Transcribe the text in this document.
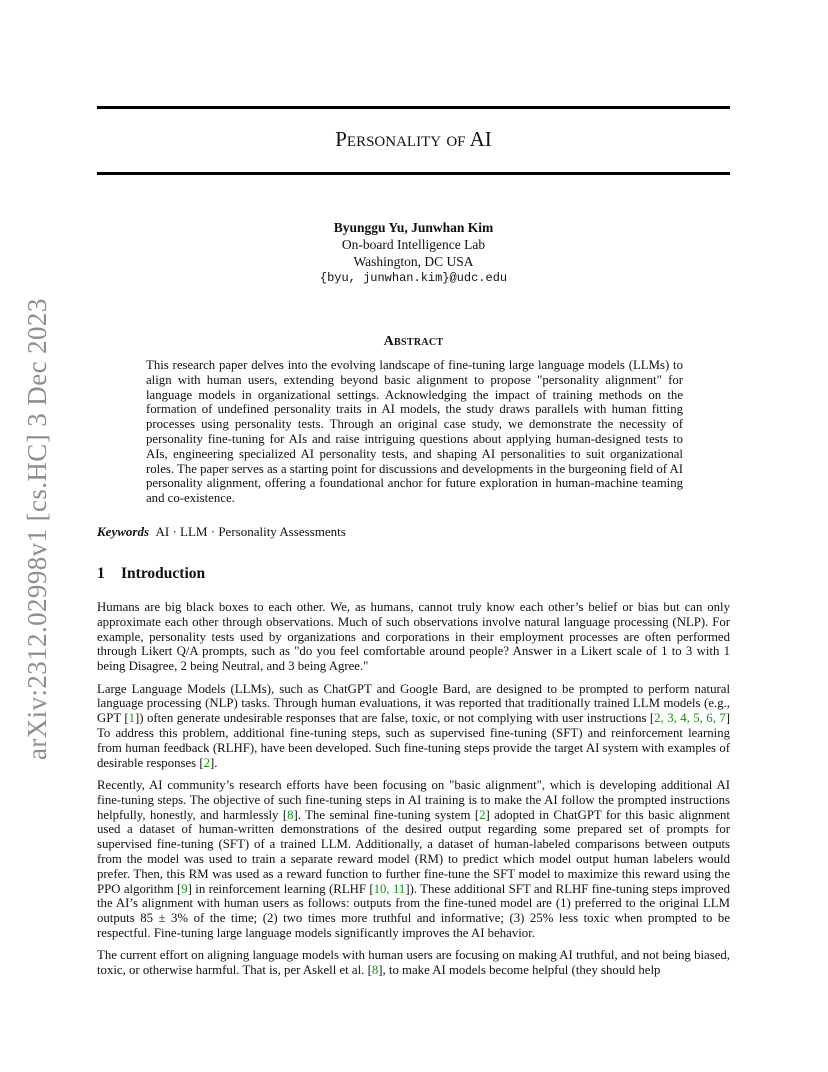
arXiv:2312.02998v1 [cs.HC] 3 Dec 2023
Personality of AI
Byunggu Yu, Junwhan Kim
On-board Intelligence Lab
Washington, DC USA
{byu, junwhan.kim}@udc.edu
Abstract

This research paper delves into the evolving landscape of fine-tuning large language models (LLMs) to align with human users, extending beyond basic alignment to propose "personality alignment" for language models in organizational settings. Acknowledging the impact of training methods on the formation of undefined personality traits in AI models, the study draws parallels with human fitting processes using personality tests. Through an original case study, we demonstrate the necessity of personality fine-tuning for AIs and raise intriguing questions about applying human-designed tests to AIs, engineering specialized AI personality tests, and shaping AI personalities to suit organizational roles. The paper serves as a starting point for discussions and developments in the burgeoning field of AI personality alignment, offering a foundational anchor for future exploration in human-machine teaming and co-existence.

Keywords AI · LLM · Personality Assessments
1 Introduction

Humans are big black boxes to each other. We, as humans, cannot truly know each other’s belief or bias but can only approximate each other through observations. Much of such observations involve natural language processing (NLP). For example, personality tests used by organizations and corporations in their employment processes are often performed through Likert Q/A prompts, such as "do you feel comfortable around people? Answer in a Likert scale of 1 to 3 with 1 being Disagree, 2 being Neutral, and 3 being Agree."

Large Language Models (LLMs), such as ChatGPT and Google Bard, are designed to be prompted to perform natural language processing (NLP) tasks. Through human evaluations, it was reported that traditionally trained LLM models (e.g., GPT [1]) often generate undesirable responses that are false, toxic, or not complying with user instructions [2, 3, 4, 5, 6, 7] To address this problem, additional fine-tuning steps, such as supervised fine-tuning (SFT) and reinforcement learning from human feedback (RLHF), have been developed. Such fine-tuning steps provide the target AI system with examples of desirable responses [2].

Recently, AI community’s research efforts have been focusing on "basic alignment", which is developing additional AI fine-tuning steps. The objective of such fine-tuning steps in AI training is to make the AI follow the prompted instructions helpfully, honestly, and harmlessly [8]. The seminal fine-tuning system [2] adopted in ChatGPT for this basic alignment used a dataset of human-written demonstrations of the desired output regarding some prepared set of prompts for supervised fine-tuning (SFT) of a trained LLM. Additionally, a dataset of human-labeled comparisons between outputs from the model was used to train a separate reward model (RM) to predict which model output human labelers would prefer. Then, this RM was used as a reward function to further fine-tune the SFT model to maximize this reward using the PPO algorithm [9] in reinforcement learning (RLHF [10, 11]). These additional SFT and RLHF fine-tuning steps improved the AI’s alignment with human users as follows: outputs from the fine-tuned model are (1) preferred to the original LLM outputs 85 ± 3% of the time; (2) two times more truthful and informative; (3) 25% less toxic when prompted to be respectful. Fine-tuning large language models significantly improves the AI behavior.

The current effort on aligning language models with human users are focusing on making AI truthful, and not being biased, toxic, or otherwise harmful. That is, per Askell et al. [8], to make AI models become helpful (they should help
